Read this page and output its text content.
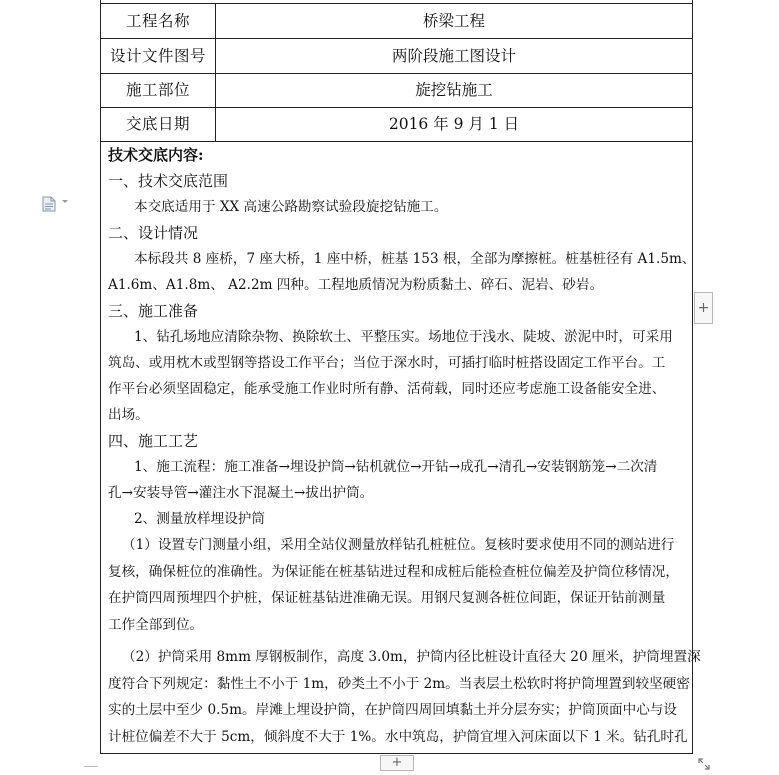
工程名称	桥梁工程
设计文件图号	两阶段施工图设计
施工部位	旋挖钻施工
交底日期	2016 年 9 月 1 日

技术交底内容:

一、技术交底范围

本交底适用于 XX 高速公路勘察试验段旋挖钻施工。

二、设计情况

本标段共 8 座桥，7 座大桥，1 座中桥，桩基 153 根，全部为摩擦桩。桩基桩径有 A1.5m、

A1.6m、A1.8m、 A2.2m 四种。工程地质情况为粉质黏土、碎石、泥岩、砂岩。

三、施工准备

1、钻孔场地应清除杂物、换除软土、平整压实。场地位于浅水、陡坡、淤泥中时，可采用

筑岛、或用枕木或型钢等搭设工作平台；当位于深水时，可插打临时桩搭设固定工作平台。工

作平台必须坚固稳定，能承受施工作业时所有静、活荷载，同时还应考虑施工设备能安全进、

出场。

四、施工工艺

1、施工流程：施工准备→埋设护筒→钻机就位→开钻→成孔→清孔→安装钢筋笼→二次清

孔→安装导管→灌注水下混凝土→拔出护筒。

2、测量放样埋设护筒

（1）设置专门测量小组，采用全站仪测量放样钻孔桩桩位。复核时要求使用不同的测站进行

复核，确保桩位的准确性。为保证能在桩基钻进过程和成桩后能检查桩位偏差及护筒位移情况，

在护筒四周预埋四个护桩，保证桩基钻进准确无误。用钢尺复测各桩位间距，保证开钻前测量

工作全部到位。

（2）护筒采用 8mm 厚钢板制作，高度 3.0m，护筒内径比桩设计直径大 20 厘米，护筒埋置深

度符合下列规定：黏性土不小于 1m，砂类土不小于 2m。当表层土松软时将护筒埋置到较坚硬密

实的土层中至少 0.5m。岸滩上埋设护筒，在护筒四周回填黏土并分层夯实；护筒顶面中心与设

计桩位偏差不大于 5cm，倾斜度不大于 1%。水中筑岛，护筒宜埋入河床面以下 1 米。钻孔时孔

+
+
